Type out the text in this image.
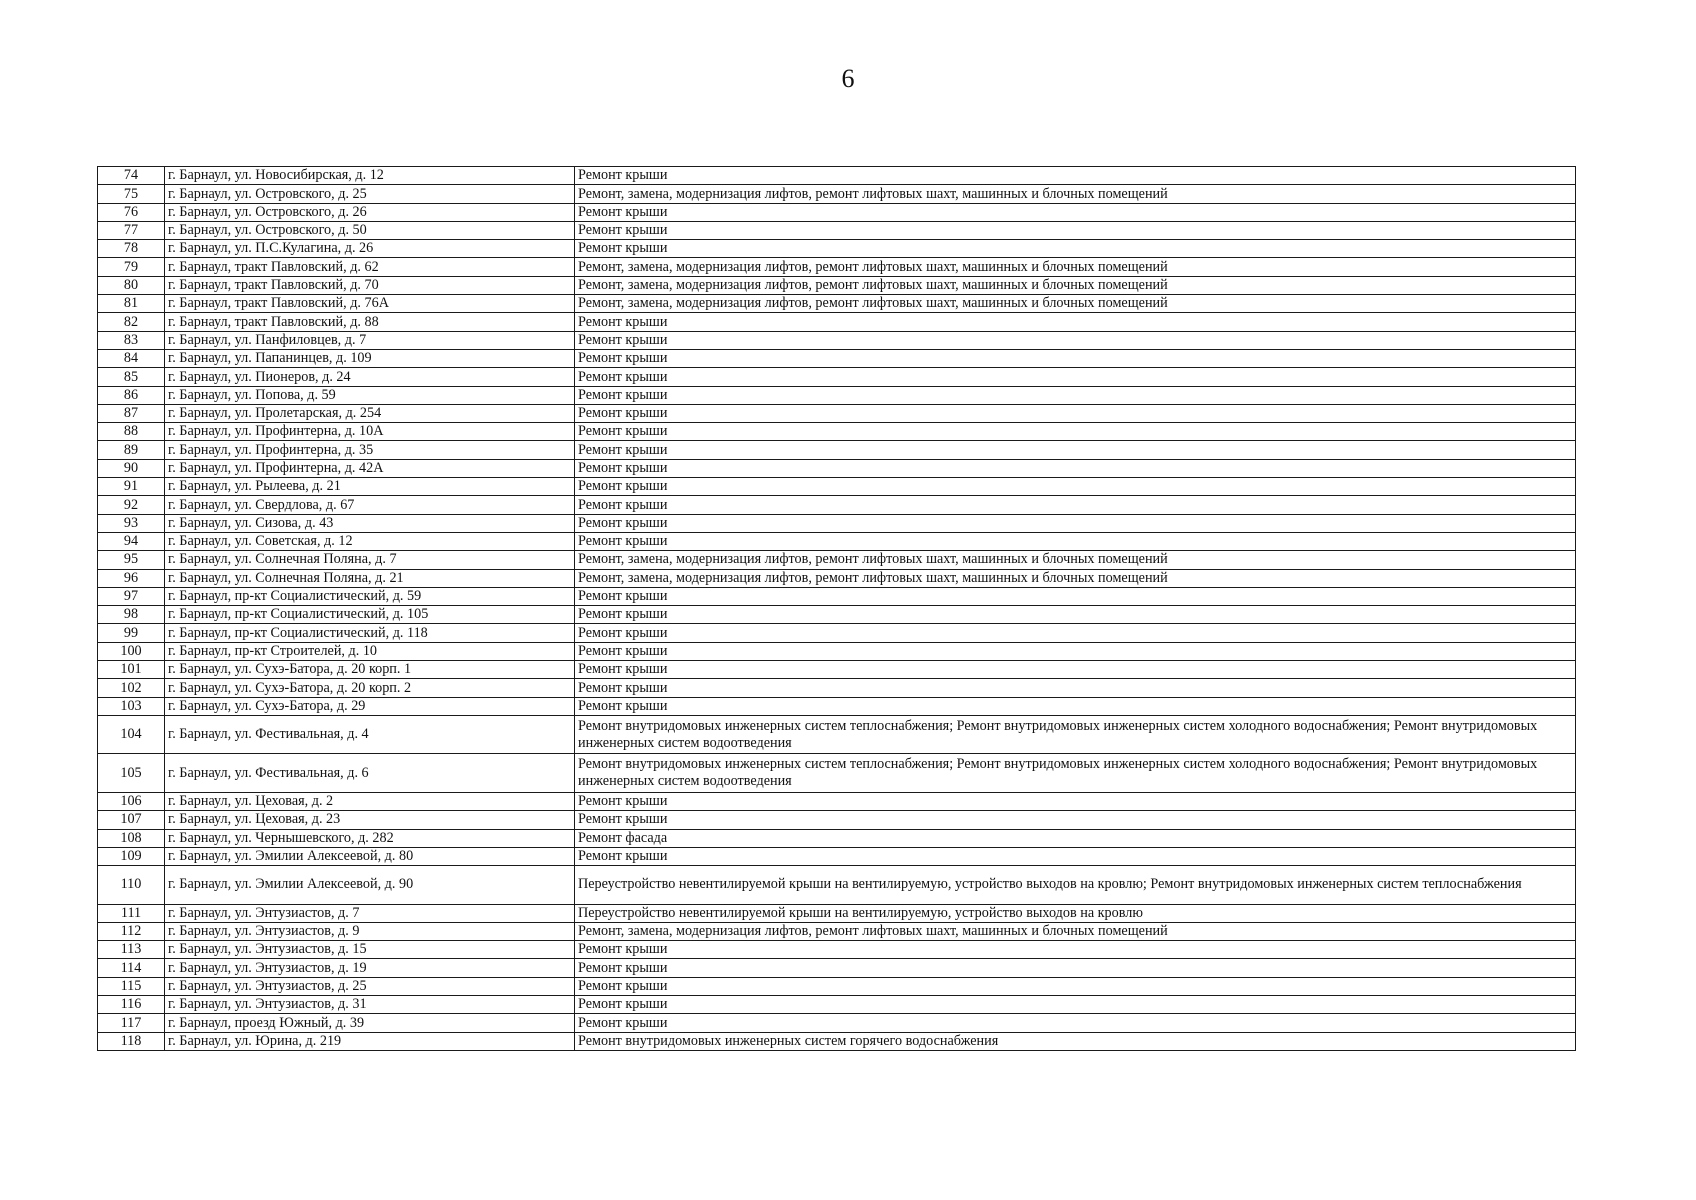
6
74	г. Барнаул, ул. Новосибирская, д. 12	Ремонт крыши
75	г. Барнаул, ул. Островского, д. 25	Ремонт, замена, модернизация лифтов, ремонт лифтовых шахт, машинных и блочных помещений
76	г. Барнаул, ул. Островского, д. 26	Ремонт крыши
77	г. Барнаул, ул. Островского, д. 50	Ремонт крыши
78	г. Барнаул, ул. П.С.Кулагина, д. 26	Ремонт крыши
79	г. Барнаул, тракт Павловский, д. 62	Ремонт, замена, модернизация лифтов, ремонт лифтовых шахт, машинных и блочных помещений
80	г. Барнаул, тракт Павловский, д. 70	Ремонт, замена, модернизация лифтов, ремонт лифтовых шахт, машинных и блочных помещений
81	г. Барнаул, тракт Павловский, д. 76А	Ремонт, замена, модернизация лифтов, ремонт лифтовых шахт, машинных и блочных помещений
82	г. Барнаул, тракт Павловский, д. 88	Ремонт крыши
83	г. Барнаул, ул. Панфиловцев, д. 7	Ремонт крыши
84	г. Барнаул, ул. Папанинцев, д. 109	Ремонт крыши
85	г. Барнаул, ул. Пионеров, д. 24	Ремонт крыши
86	г. Барнаул, ул. Попова, д. 59	Ремонт крыши
87	г. Барнаул, ул. Пролетарская, д. 254	Ремонт крыши
88	г. Барнаул, ул. Профинтерна, д. 10А	Ремонт крыши
89	г. Барнаул, ул. Профинтерна, д. 35	Ремонт крыши
90	г. Барнаул, ул. Профинтерна, д. 42А	Ремонт крыши
91	г. Барнаул, ул. Рылеева, д. 21	Ремонт крыши
92	г. Барнаул, ул. Свердлова, д. 67	Ремонт крыши
93	г. Барнаул, ул. Сизова, д. 43	Ремонт крыши
94	г. Барнаул, ул. Советская, д. 12	Ремонт крыши
95	г. Барнаул, ул. Солнечная Поляна, д. 7	Ремонт, замена, модернизация лифтов, ремонт лифтовых шахт, машинных и блочных помещений
96	г. Барнаул, ул. Солнечная Поляна, д. 21	Ремонт, замена, модернизация лифтов, ремонт лифтовых шахт, машинных и блочных помещений
97	г. Барнаул, пр-кт Социалистический, д. 59	Ремонт крыши
98	г. Барнаул, пр-кт Социалистический, д. 105	Ремонт крыши
99	г. Барнаул, пр-кт Социалистический, д. 118	Ремонт крыши
100	г. Барнаул, пр-кт Строителей, д. 10	Ремонт крыши
101	г. Барнаул, ул. Сухэ-Батора, д. 20 корп. 1	Ремонт крыши
102	г. Барнаул, ул. Сухэ-Батора, д. 20 корп. 2	Ремонт крыши
103	г. Барнаул, ул. Сухэ-Батора, д. 29	Ремонт крыши
104	г. Барнаул, ул. Фестивальная, д. 4	Ремонт внутридомовых инженерных систем теплоснабжения; Ремонт внутридомовых инженерных систем холодного водоснабжения; Ремонт внутридомовых инженерных систем водоотведения
105	г. Барнаул, ул. Фестивальная, д. 6	Ремонт внутридомовых инженерных систем теплоснабжения; Ремонт внутридомовых инженерных систем холодного водоснабжения; Ремонт внутридомовых инженерных систем водоотведения
106	г. Барнаул, ул. Цеховая, д. 2	Ремонт крыши
107	г. Барнаул, ул. Цеховая, д. 23	Ремонт крыши
108	г. Барнаул, ул. Чернышевского, д. 282	Ремонт фасада
109	г. Барнаул, ул. Эмилии Алексеевой, д. 80	Ремонт крыши
110	г. Барнаул, ул. Эмилии Алексеевой, д. 90	Переустройство невентилируемой крыши на вентилируемую, устройство выходов на кровлю; Ремонт внутридомовых инженерных систем теплоснабжения
111	г. Барнаул, ул. Энтузиастов, д. 7	Переустройство невентилируемой крыши на вентилируемую, устройство выходов на кровлю
112	г. Барнаул, ул. Энтузиастов, д. 9	Ремонт, замена, модернизация лифтов, ремонт лифтовых шахт, машинных и блочных помещений
113	г. Барнаул, ул. Энтузиастов, д. 15	Ремонт крыши
114	г. Барнаул, ул. Энтузиастов, д. 19	Ремонт крыши
115	г. Барнаул, ул. Энтузиастов, д. 25	Ремонт крыши
116	г. Барнаул, ул. Энтузиастов, д. 31	Ремонт крыши
117	г. Барнаул, проезд Южный, д. 39	Ремонт крыши
118	г. Барнаул, ул. Юрина, д. 219	Ремонт внутридомовых инженерных систем горячего водоснабжения
